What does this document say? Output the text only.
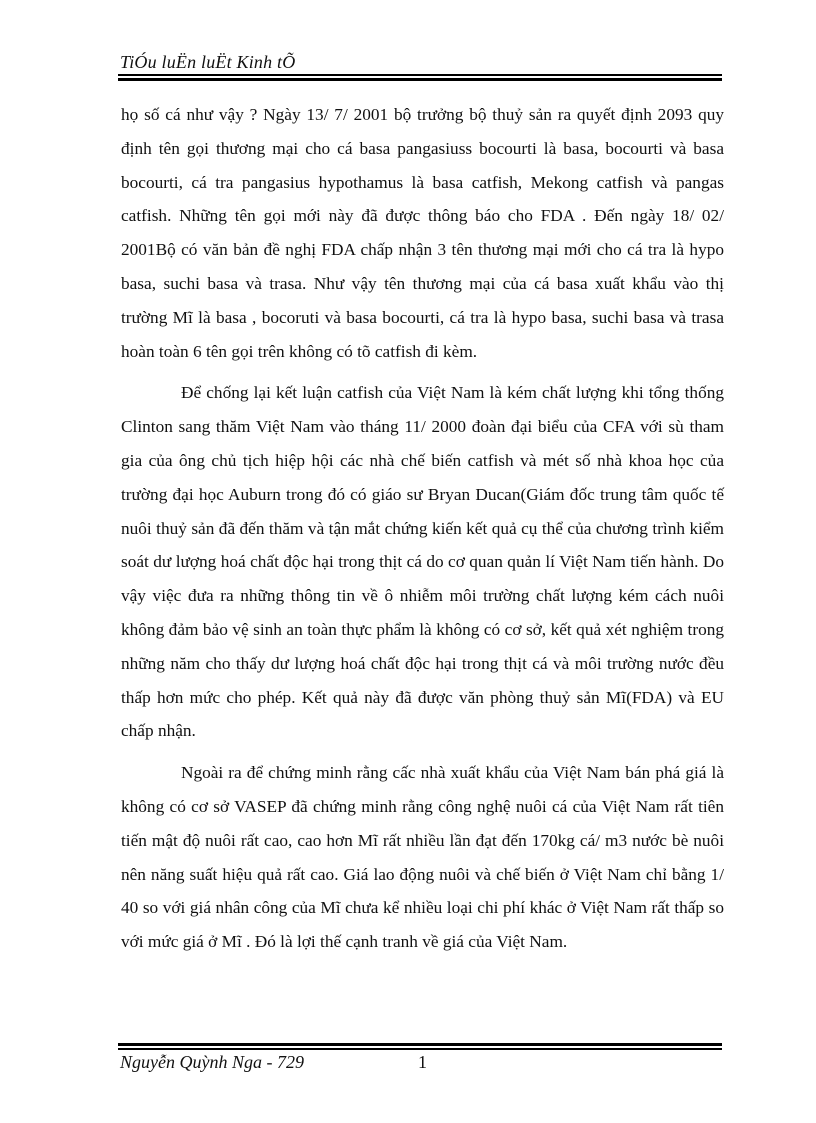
TiÓu luËn luËt Kinh tÕ

họ số cá như vậy ? Ngày 13/ 7/ 2001 bộ trưởng bộ thuỷ sản ra quyết định 2093 quy định tên gọi thương mại cho cá basa pangasiuss bocourti là basa, bocourti và basa bocourti, cá tra pangasius hypothamus là basa catfish, Mekong catfish và pangas catfish. Những tên gọi mới này đã được thông báo cho FDA . Đến ngày 18/ 02/ 2001Bộ có văn bản đề nghị FDA chấp nhận 3 tên thương mại mới cho cá tra là hypo basa, suchi basa và trasa. Như vậy tên thương mại của cá basa xuất khẩu vào thị trường Mĩ là basa , bocoruti và basa bocourti, cá tra là hypo basa, suchi basa và trasa hoàn toàn 6 tên gọi trên không có tõ catfish đi kèm.

Để chống lại kết luận catfish của Việt Nam là kém chất lượng khi tổng thống Clinton sang thăm Việt Nam vào tháng 11/ 2000 đoàn đại biểu của CFA với sù tham gia của ông chủ tịch hiệp hội các nhà chế biến catfish và mét số nhà khoa học của trường đại học Auburn trong đó có giáo sư Bryan Ducan(Giám đốc trung tâm quốc tế nuôi thuỷ sản đã đến thăm và tận mắt chứng kiến kết quả cụ thể của chương trình kiểm soát dư lượng hoá chất độc hại trong thịt cá do cơ quan quản lí Việt Nam tiến hành. Do vậy việc đưa ra những thông tin về ô nhiễm môi trường chất lượng kém cách nuôi không đảm bảo vệ sinh an toàn thực phẩm là không có cơ sở, kết quả xét nghiệm trong những năm cho thấy dư lượng hoá chất độc hại trong thịt cá và môi trường nước đều thấp hơn mức cho phép. Kết quả này đã được văn phòng thuỷ sản Mĩ(FDA) và EU chấp nhận.

Ngoài ra để chứng minh rằng cấc nhà xuất khẩu của Việt Nam bán phá giá là không có cơ sở VASEP đã chứng minh rằng công nghệ nuôi cá của Việt Nam rất tiên tiến mật độ nuôi rất cao, cao hơn Mĩ rất nhiều lần đạt đến 170kg cá/ m3 nước bè nuôi nên năng suất hiệu quả rất cao. Giá lao động nuôi và chế biến ở Việt Nam chỉ bằng 1/ 40 so với giá nhân công của Mĩ chưa kể nhiều loại chi phí khác ở Việt Nam rất thấp so với mức giá ở Mĩ . Đó là lợi thế cạnh tranh về giá của Việt Nam.

Nguyễn Quỳnh Nga - 729	1
